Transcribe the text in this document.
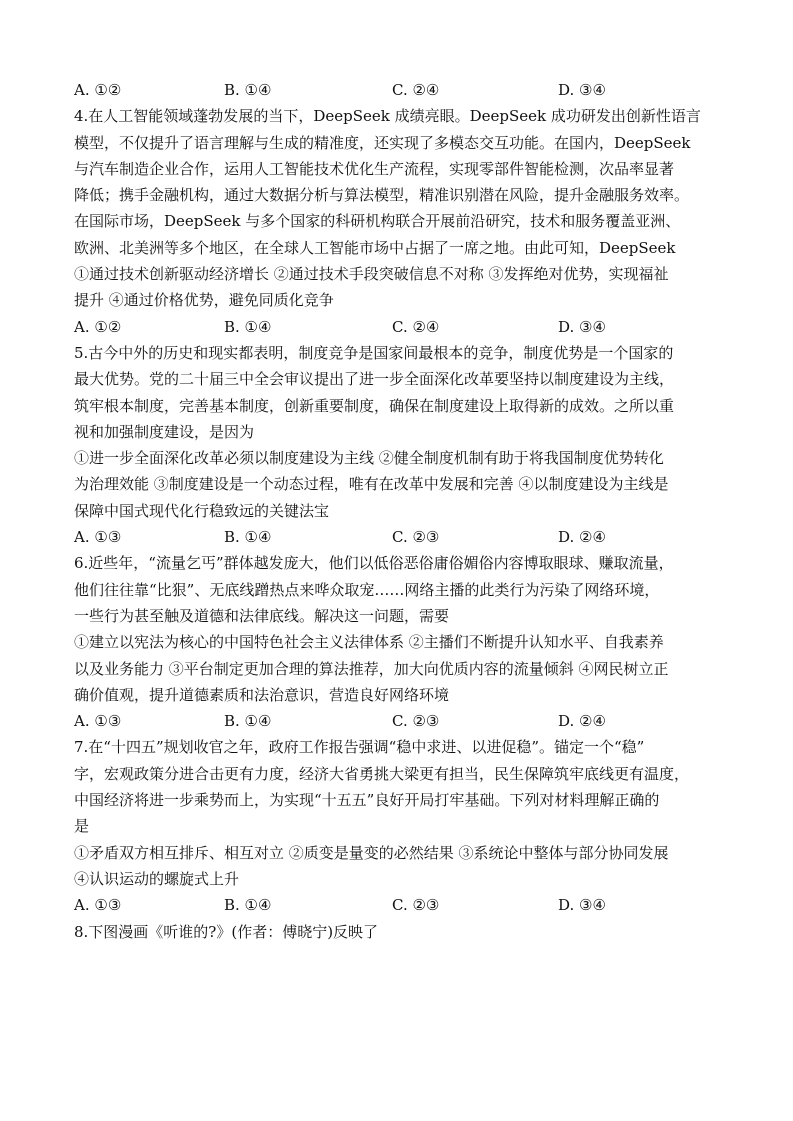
A. ①②	B. ①④	C. ②④	D. ③④
4.在人工智能领域蓬勃发展的当下，DeepSeek 成绩亮眼。DeepSeek 成功研发出创新性语言
模型，不仅提升了语言理解与生成的精准度，还实现了多模态交互功能。在国内，DeepSeek
与汽车制造企业合作，运用人工智能技术优化生产流程，实现零部件智能检测，次品率显著
降低；携手金融机构，通过大数据分析与算法模型，精准识别潜在风险，提升金融服务效率。
在国际市场，DeepSeek 与多个国家的科研机构联合开展前沿研究，技术和服务覆盖亚洲、
欧洲、北美洲等多个地区，在全球人工智能市场中占据了一席之地。由此可知，DeepSeek
①通过技术创新驱动经济增长 ②通过技术手段突破信息不对称 ③发挥绝对优势，实现福祉
提升 ④通过价格优势，避免同质化竞争
A. ①②	B. ①④	C. ②④	D. ③④
5.古今中外的历史和现实都表明，制度竞争是国家间最根本的竞争，制度优势是一个国家的
最大优势。党的二十届三中全会审议提出了进一步全面深化改革要坚持以制度建设为主线，
筑牢根本制度，完善基本制度，创新重要制度，确保在制度建设上取得新的成效。之所以重
视和加强制度建设，是因为
①进一步全面深化改革必须以制度建设为主线 ②健全制度机制有助于将我国制度优势转化
为治理效能 ③制度建设是一个动态过程，唯有在改革中发展和完善 ④以制度建设为主线是
保障中国式现代化行稳致远的关键法宝
A. ①③	B. ①④	C. ②③	D. ②④
6.近些年，“流量乞丐”群体越发庞大，他们以低俗恶俗庸俗媚俗内容博取眼球、赚取流量，
他们往往靠“比狠”、无底线蹭热点来哗众取宠……网络主播的此类行为污染了网络环境，
一些行为甚至触及道德和法律底线。解决这一问题，需要
①建立以宪法为核心的中国特色社会主义法律体系 ②主播们不断提升认知水平、自我素养
以及业务能力 ③平台制定更加合理的算法推荐，加大向优质内容的流量倾斜 ④网民树立正
确价值观，提升道德素质和法治意识，营造良好网络环境
A. ①③	B. ①④	C. ②③	D. ②④
7.在“十四五”规划收官之年，政府工作报告强调“稳中求进、以进促稳”。锚定一个“稳”
字，宏观政策分进合击更有力度，经济大省勇挑大梁更有担当，民生保障筑牢底线更有温度，
中国经济将进一步乘势而上，为实现“十五五”良好开局打牢基础。下列对材料理解正确的
是
①矛盾双方相互排斥、相互对立 ②质变是量变的必然结果 ③系统论中整体与部分协同发展
④认识运动的螺旋式上升
A. ①③	B. ①④	C. ②③	D. ③④
8.下图漫画《听谁的?》(作者：傅晓宁)反映了
